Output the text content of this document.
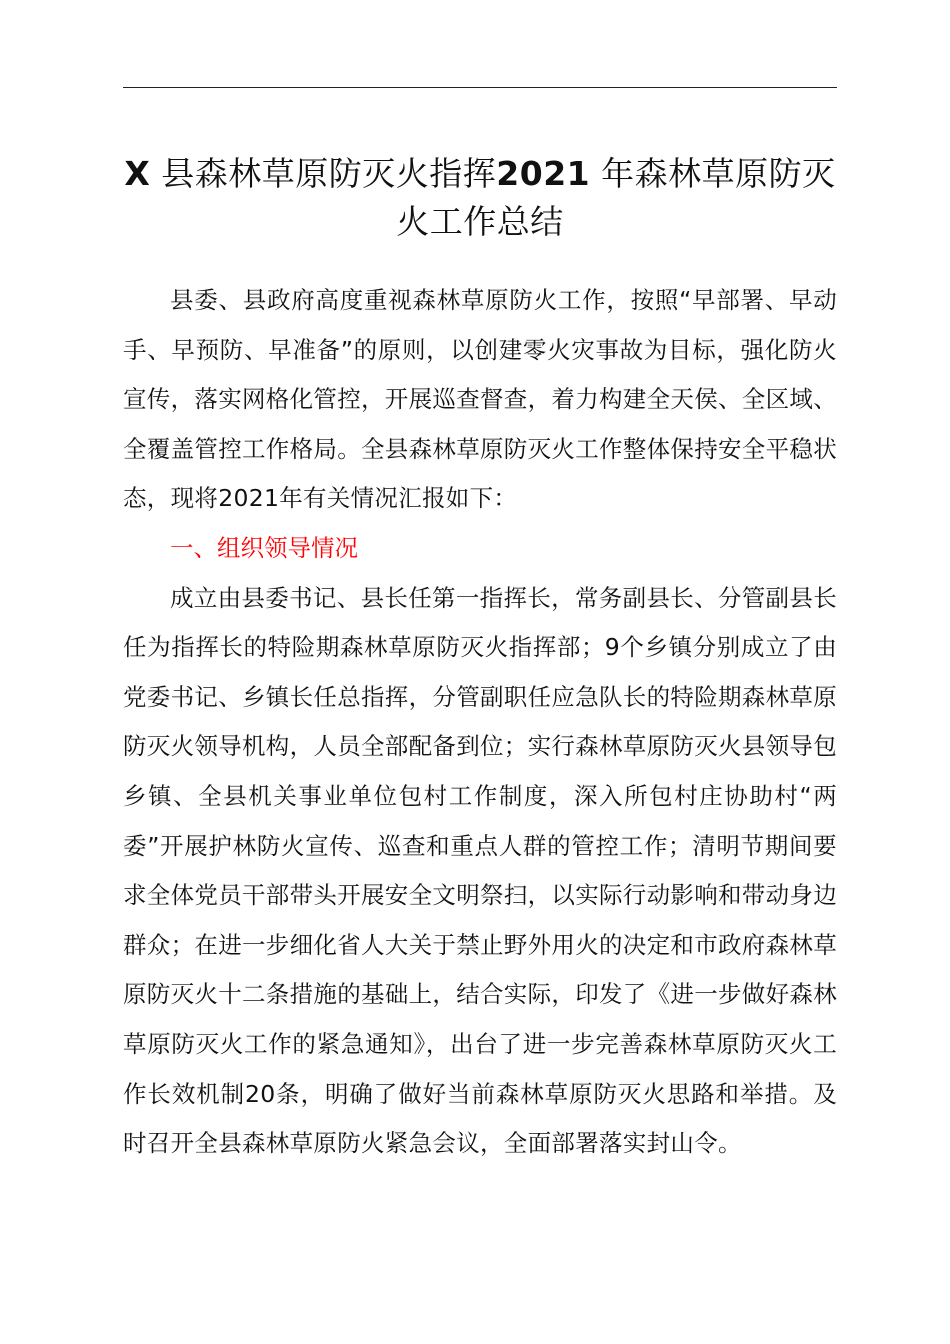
X 县森林草原防灭火指挥2021 年森林草原防灭火工作总结

县委、县政府高度重视森林草原防火工作，按照“早部署、早动手、早预防、早准备”的原则，以创建零火灾事故为目标，强化防火宣传，落实网格化管控，开展巡查督查，着力构建全天侯、全区域、全覆盖管控工作格局。全县森林草原防灭火工作整体保持安全平稳状态，现将2021年有关情况汇报如下：

一、组织领导情况

成立由县委书记、县长任第一指挥长，常务副县长、分管副县长任为指挥长的特险期森林草原防灭火指挥部；9个乡镇分别成立了由党委书记、乡镇长任总指挥，分管副职任应急队长的特险期森林草原防灭火领导机构，人员全部配备到位；实行森林草原防灭火县领导包乡镇、全县机关事业单位包村工作制度，深入所包村庄协助村“两委”开展护林防火宣传、巡查和重点人群的管控工作；清明节期间要求全体党员干部带头开展安全文明祭扫，以实际行动影响和带动身边群众；在进一步细化省人大关于禁止野外用火的决定和市政府森林草原防灭火十二条措施的基础上，结合实际，印发了《进一步做好森林草原防灭火工作的紧急通知》，出台了进一步完善森林草原防灭火工作长效机制20条，明确了做好当前森林草原防灭火思路和举措。及时召开全县森林草原防火紧急会议，全面部署落实封山令。
